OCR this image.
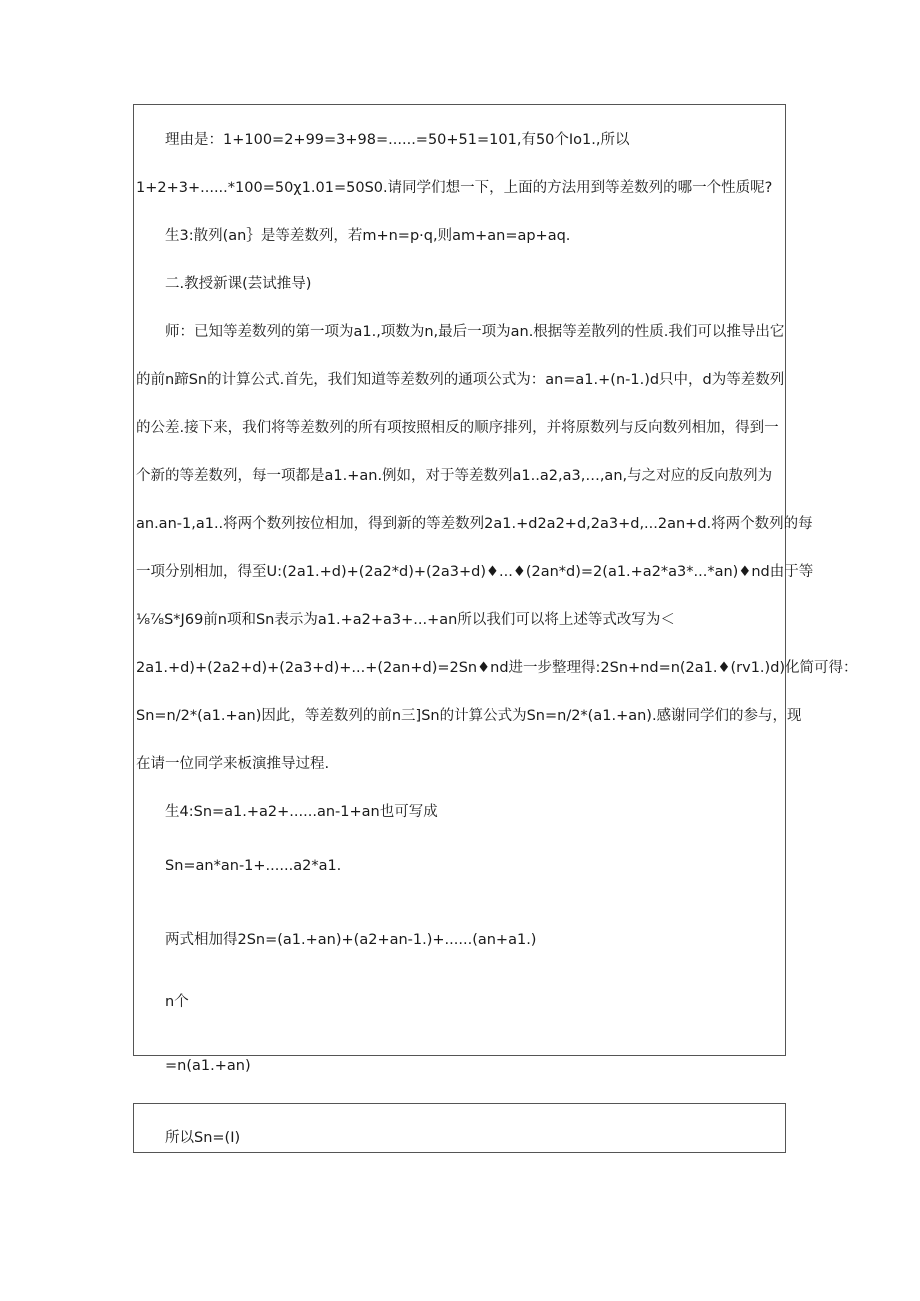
理由是：1+100=2+99=3+98=......=50+51=101,有50个Io1.,所以
1+2+3+......*100=50χ1.01=50S0.请同学们想一下，上面的方法用到等差数列的哪一个性质呢?
生3:散列(an｝是等差数列，若m+n=p·q,则am+an=ap+aq.
二.教授新课(芸试推导)
师：已知等差数列的第一项为a1.,项数为n,最后一项为an.根据等差散列的性质.我们可以推导出它
的前n蹄Sn的计算公式.首先，我们知道等差数列的通项公式为：an=a1.+(n-1.)d只中，d为等差数列
的公差.接下来，我们将等差数列的所有项按照相反的顺序排列，并将原数列与反向数列相加，得到一
个新的等差数列，每一项都是a1.+an.例如，对于等差数列a1..a2,a3,…,an,与之对应的反向敖列为
an.an-1,a1..将两个数列按位相加，得到新的等差数列2a1.+d2a2+d,2a3+d,...2an+d.将两个数列的每
一项分别相加，得至U:(2a1.+d)+(2a2*d)+(2a3+d)♦...♦(2an*d)=2(a1.+a2*a3*...*an)♦nd由于等
⅛⅞S*J69前n项和Sn表示为a1.+a2+a3+...+an所以我们可以将上述等式改写为＜
2a1.+d)+(2a2+d)+(2a3+d)+...+(2an+d)=2Sn♦nd进一步整理得:2Sn+nd=n(2a1.♦(rv1.)d)化简可得：
Sn=n/2*(a1.+an)因此，等差数列的前n三]Sn的计算公式为Sn=n/2*(a1.+an).感谢同学们的参与，现
在请一位同学来板演推导过程.
生4:Sn=a1.+a2+......an-1+an也可写成
Sn=an*an-1+......a2*a1.
两式相加得2Sn=(a1.+an)+(a2+an-1.)+......(an+a1.)
n个
=n(a1.+an)
所以Sn=(I)
